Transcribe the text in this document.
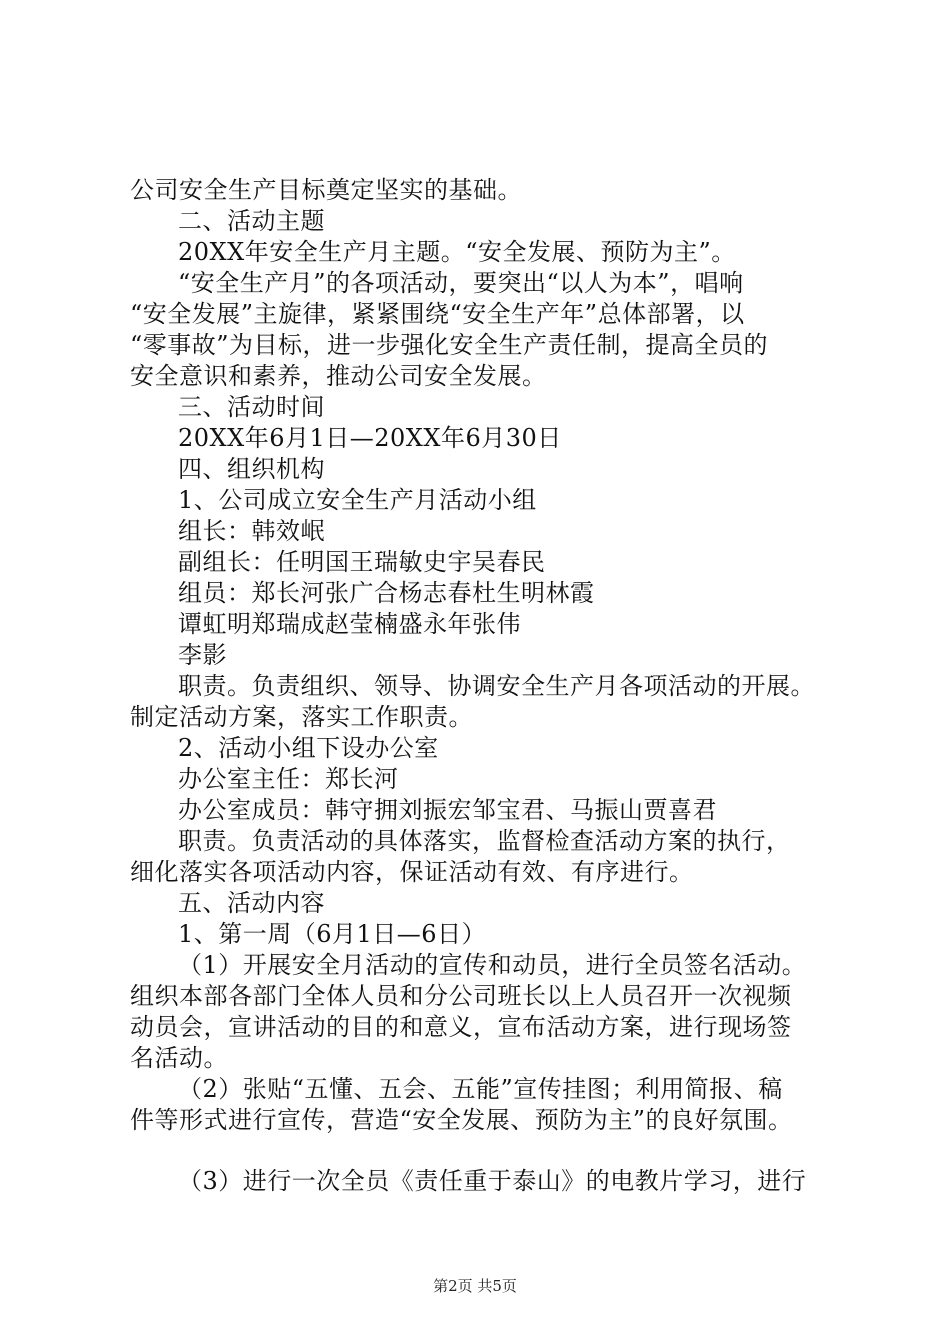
公司安全生产目标奠定坚实的基础。
二、活动主题
20XX年安全生产月主题。“安全发展、预防为主”。
“安全生产月”的各项活动，要突出“以人为本”，唱响
“安全发展”主旋律，紧紧围绕“安全生产年”总体部署，以
“零事故”为目标，进一步强化安全生产责任制，提高全员的
安全意识和素养，推动公司安全发展。
三、活动时间
20XX年6月1日—20XX年6月30日
四、组织机构
1、公司成立安全生产月活动小组
组长：韩效岷
副组长：任明国王瑞敏史宇吴春民
组员：郑长河张广合杨志春杜生明林霞
谭虹明郑瑞成赵莹楠盛永年张伟
李影
职责。负责组织、领导、协调安全生产月各项活动的开展。
制定活动方案，落实工作职责。
2、活动小组下设办公室
办公室主任：郑长河
办公室成员：韩守拥刘振宏邹宝君、马振山贾喜君
职责。负责活动的具体落实，监督检查活动方案的执行，
细化落实各项活动内容，保证活动有效、有序进行。
五、活动内容
1、第一周（6月1日—6日）
（1）开展安全月活动的宣传和动员，进行全员签名活动。
组织本部各部门全体人员和分公司班长以上人员召开一次视频
动员会，宣讲活动的目的和意义，宣布活动方案，进行现场签
名活动。
（2）张贴“五懂、五会、五能”宣传挂图；利用简报、稿
件等形式进行宣传，营造“安全发展、预防为主”的良好氛围。
（3）进行一次全员《责任重于泰山》的电教片学习，进行
第2页 共5页
